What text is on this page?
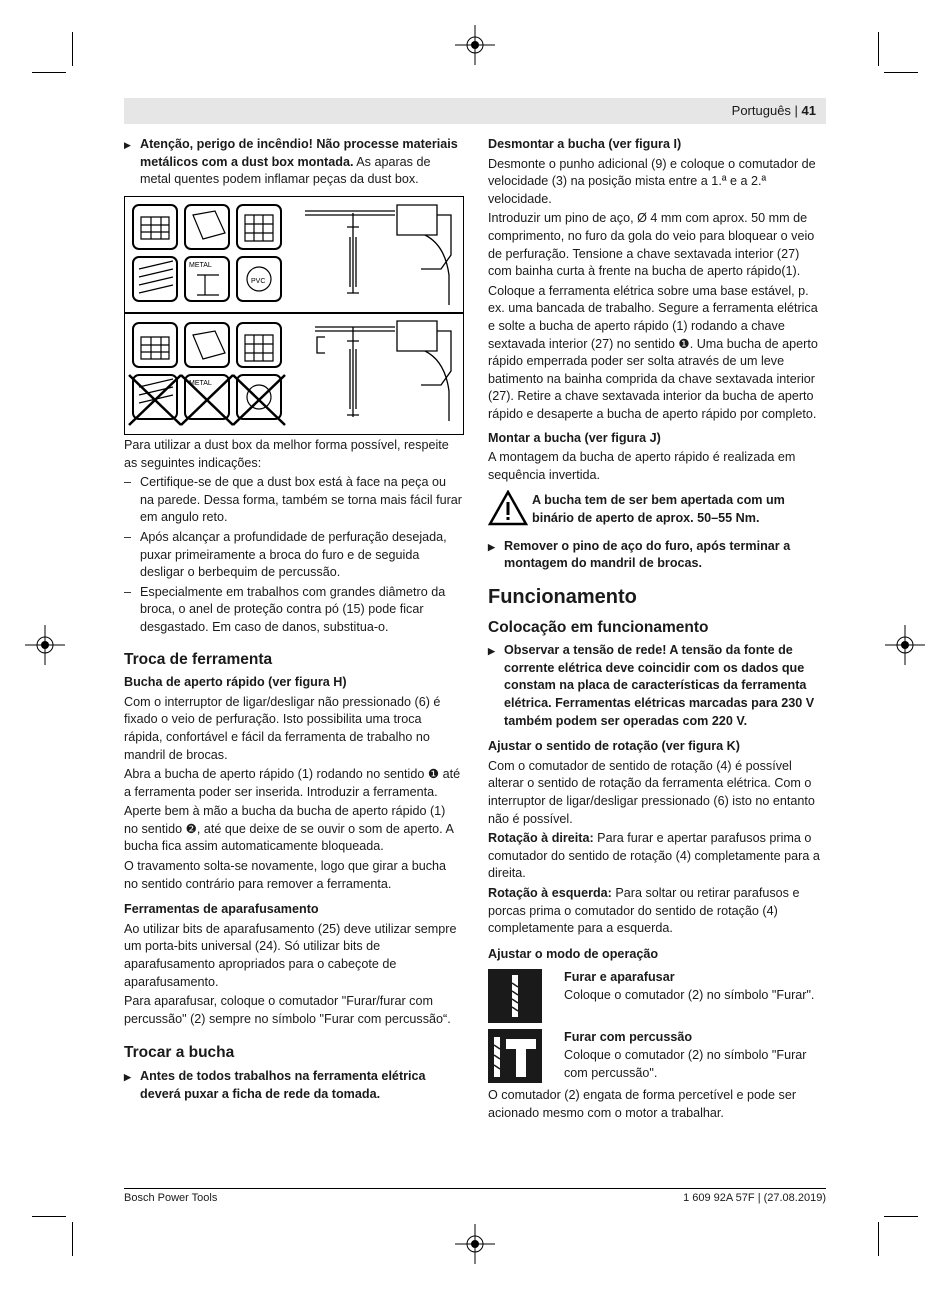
Português | 41

▶ Atenção, perigo de incêndio! Não processe materiais metálicos com a dust box montada. As aparas de metal quentes podem inflamar peças da dust box.

METAL
PVC
METAL

Para utilizar a dust box da melhor forma possível, respeite as seguintes indicações:

– Certifique-se de que a dust box está à face na peça ou na parede. Dessa forma, também se torna mais fácil furar em angulo reto.

– Após alcançar a profundidade de perfuração desejada, puxar primeiramente a broca do furo e de seguida desligar o berbequim de percussão.

– Especialmente em trabalhos com grandes diâmetro da broca, o anel de proteção contra pó (15) pode ficar desgastado. Em caso de danos, substitua-o.

Troca de ferramenta
Bucha de aperto rápido (ver figura H)

Com o interruptor de ligar/desligar não pressionado (6) é fixado o veio de perfuração. Isto possibilita uma troca rápida, confortável e fácil da ferramenta de trabalho no mandril de brocas.

Abra a bucha de aperto rápido (1) rodando no sentido ❶ até a ferramenta poder ser inserida. Introduzir a ferramenta.

Aperte bem à mão a bucha da bucha de aperto rápido (1) no sentido ❷, até que deixe de se ouvir o som de aperto. A bucha fica assim automaticamente bloqueada.

O travamento solta-se novamente, logo que girar a bucha no sentido contrário para remover a ferramenta.

Ferramentas de aparafusamento

Ao utilizar bits de aparafusamento (25) deve utilizar sempre um porta-bits universal (24). Só utilizar bits de aparafusamento apropriados para o cabeçote de aparafusamento.

Para aparafusar, coloque o comutador "Furar/furar com percussão" (2) sempre no símbolo "Furar com percussão“.

Trocar a bucha

▶ Antes de todos trabalhos na ferramenta elétrica deverá puxar a ficha de rede da tomada.

Desmontar a bucha (ver figura I)

Desmonte o punho adicional (9) e coloque o comutador de velocidade (3) na posição mista entre a 1.ª e a 2.ª velocidade.

Introduzir um pino de aço, Ø 4 mm com aprox. 50 mm de comprimento, no furo da gola do veio para bloquear o veio de perfuração. Tensione a chave sextavada interior (27) com bainha curta à frente na bucha de aperto rápido(1).

Coloque a ferramenta elétrica sobre uma base estável, p. ex. uma bancada de trabalho. Segure a ferramenta elétrica e solte a bucha de aperto rápido (1) rodando a chave sextavada interior (27) no sentido ❶. Uma bucha de aperto rápido emperrada poder ser solta através de um leve batimento na bainha comprida da chave sextavada interior (27). Retire a chave sextavada interior da bucha de aperto rápido e desaperte a bucha de aperto rápido por completo.

Montar a bucha (ver figura J)

A montagem da bucha de aperto rápido é realizada em sequência invertida.

A bucha tem de ser bem apertada com um binário de aperto de aprox. 50–55 Nm.

▶ Remover o pino de aço do furo, após terminar a montagem do mandril de brocas.

Funcionamento
Colocação em funcionamento

▶ Observar a tensão de rede! A tensão da fonte de corrente elétrica deve coincidir com os dados que constam na placa de características da ferramenta elétrica. Ferramentas elétricas marcadas para 230 V também podem ser operadas com 220 V.

Ajustar o sentido de rotação (ver figura K)

Com o comutador de sentido de rotação (4) é possível alterar o sentido de rotação da ferramenta elétrica. Com o interruptor de ligar/desligar pressionado (6) isto no entanto não é possível.

Rotação à direita: Para furar e apertar parafusos prima o comutador do sentido de rotação (4) completamente para a direita.

Rotação à esquerda: Para soltar ou retirar parafusos e porcas prima o comutador do sentido de rotação (4) completamente para a esquerda.

Ajustar o modo de operação
Furar e aparafusar
Coloque o comutador (2) no símbolo "Furar".
Furar com percussão
Coloque o comutador (2) no símbolo "Furar com percussão".

O comutador (2) engata de forma percetível e pode ser acionado mesmo com o motor a trabalhar.

Bosch Power Tools	1 609 92A 57F | (27.08.2019)
